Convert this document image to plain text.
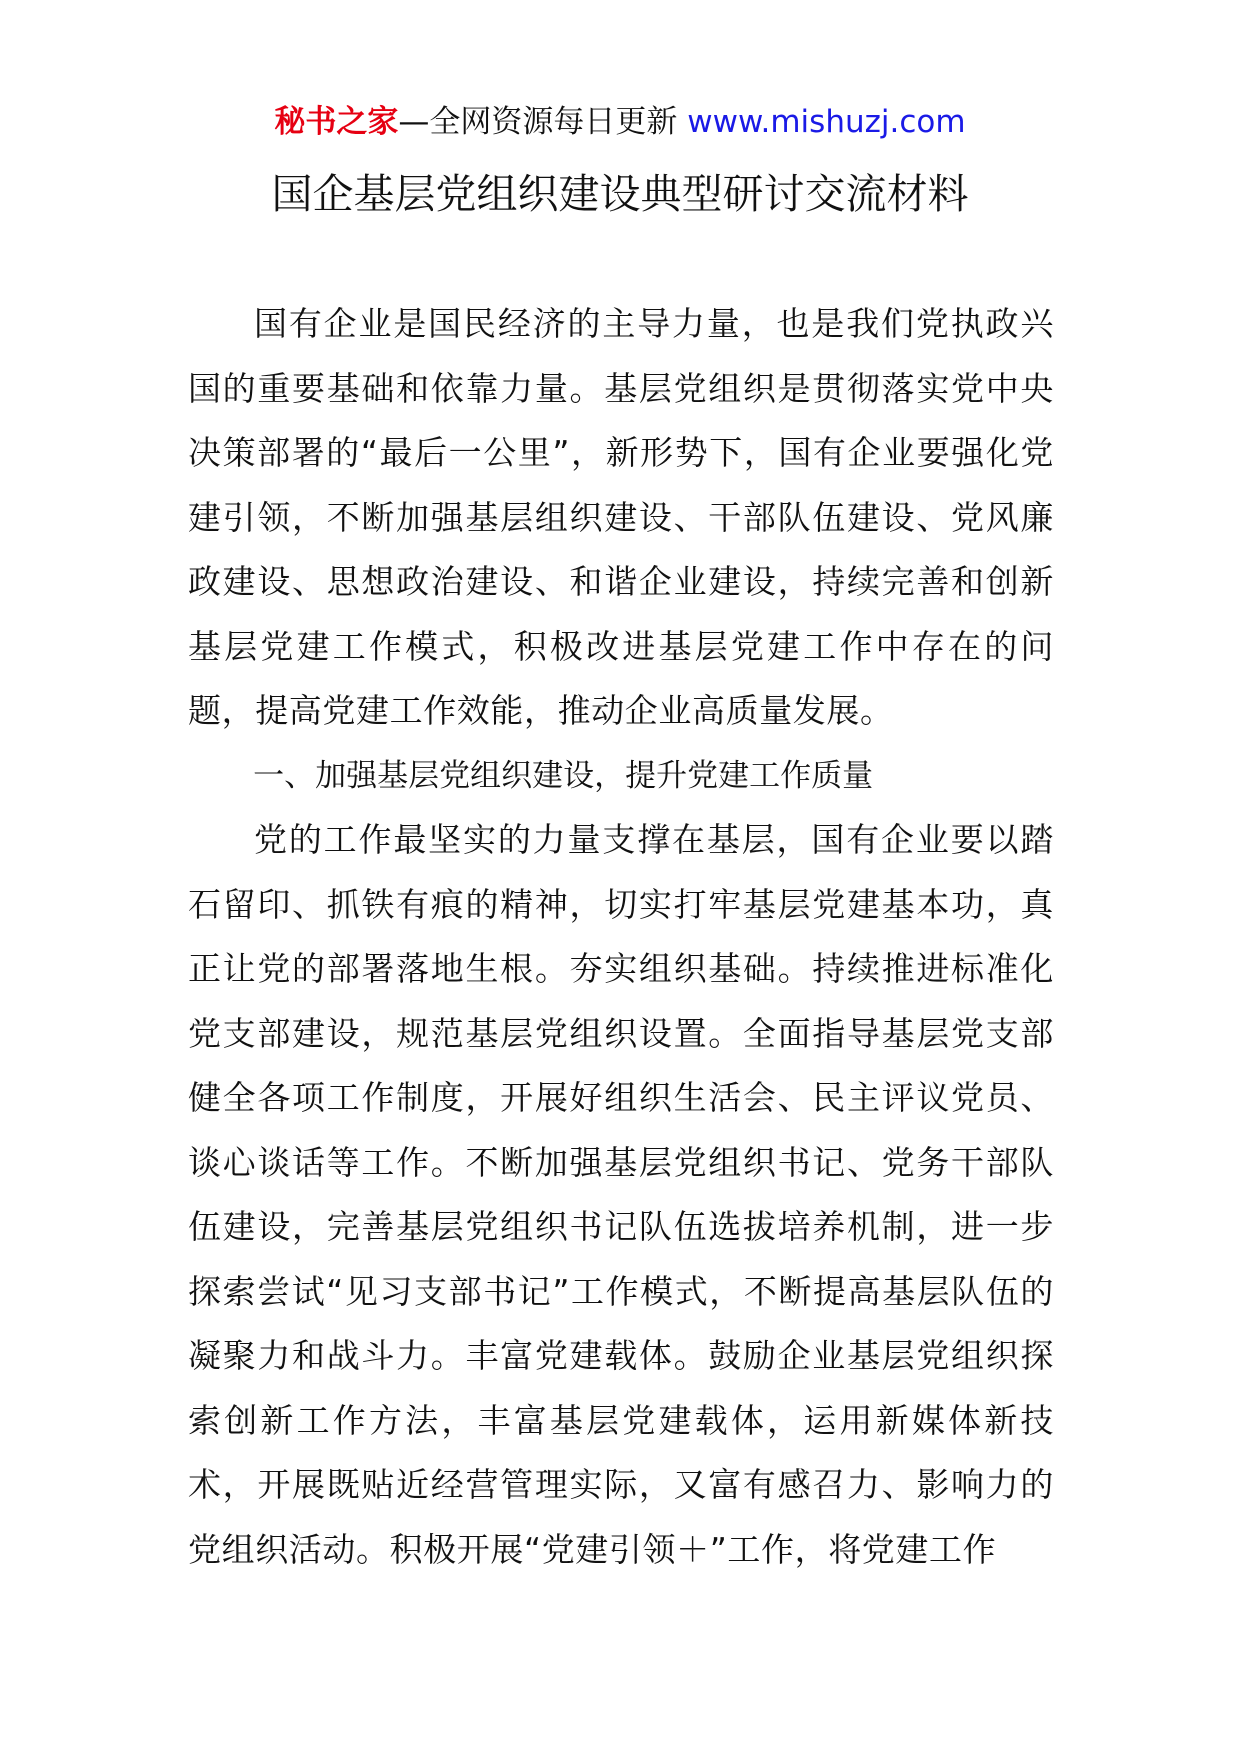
秘书之家—全网资源每日更新 www.mishuzj.com
国企基层党组织建设典型研讨交流材料

国有企业是国民经济的主导力量，也是我们党执政兴国的重要基础和依靠力量。基层党组织是贯彻落实党中央决策部署的“最后一公里”，新形势下，国有企业要强化党建引领，不断加强基层组织建设、干部队伍建设、党风廉政建设、思想政治建设、和谐企业建设，持续完善和创新基层党建工作模式，积极改进基层党建工作中存在的问题，提高党建工作效能，推动企业高质量发展。

一、加强基层党组织建设，提升党建工作质量

党的工作最坚实的力量支撑在基层，国有企业要以踏石留印、抓铁有痕的精神，切实打牢基层党建基本功，真正让党的部署落地生根。夯实组织基础。持续推进标准化党支部建设，规范基层党组织设置。全面指导基层党支部健全各项工作制度，开展好组织生活会、民主评议党员、谈心谈话等工作。不断加强基层党组织书记、党务干部队伍建设，完善基层党组织书记队伍选拔培养机制，进一步探索尝试“见习支部书记”工作模式，不断提高基层队伍的凝聚力和战斗力。丰富党建载体。鼓励企业基层党组织探索创新工作方法，丰富基层党建载体，运用新媒体新技术，开展既贴近经营管理实际，又富有感召力、影响力的党组织活动。积极开展“党建引领＋”工作，将党建工作
